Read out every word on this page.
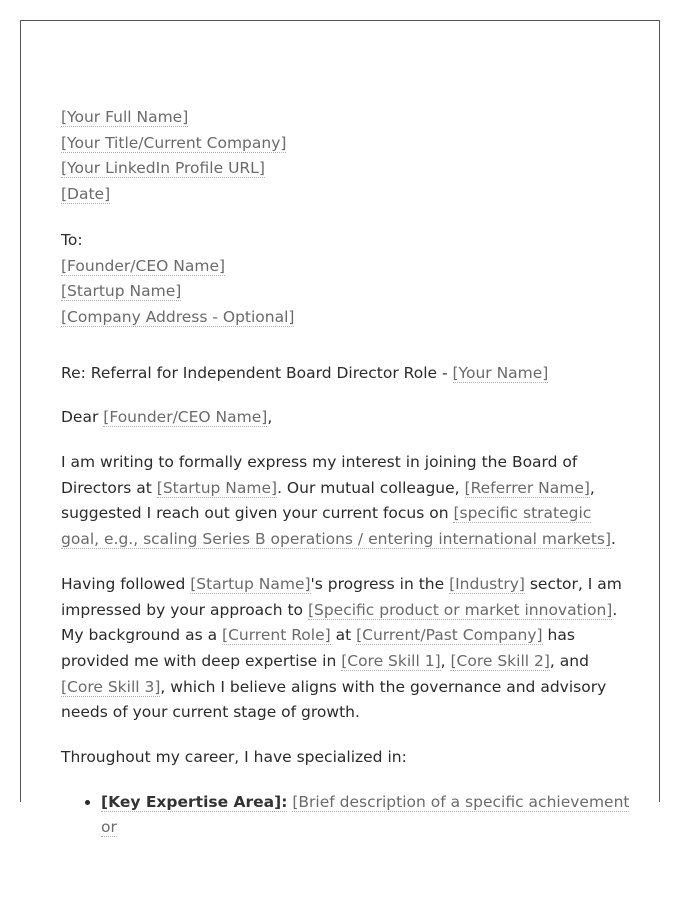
[Your Full Name]
[Your Title/Current Company]
[Your LinkedIn Profile URL]
[Date]
To:
[Founder/CEO Name]
[Startup Name]
[Company Address - Optional]

Re: Referral for Independent Board Director Role - [Your Name]

Dear [Founder/CEO Name],

I am writing to formally express my interest in joining the Board of Directors at [Startup Name]. Our mutual colleague, [Referrer Name], suggested I reach out given your current focus on [specific strategic goal, e.g., scaling Series B operations / entering international markets].

Having followed [Startup Name]'s progress in the [Industry] sector, I am impressed by your approach to [Specific product or market innovation]. My background as a [Current Role] at [Current/Past Company] has provided me with deep expertise in [Core Skill 1], [Core Skill 2], and [Core Skill 3], which I believe aligns with the governance and advisory needs of your current stage of growth.

Throughout my career, I have specialized in:

• [Key Expertise Area]: [Brief description of a specific achievement or
